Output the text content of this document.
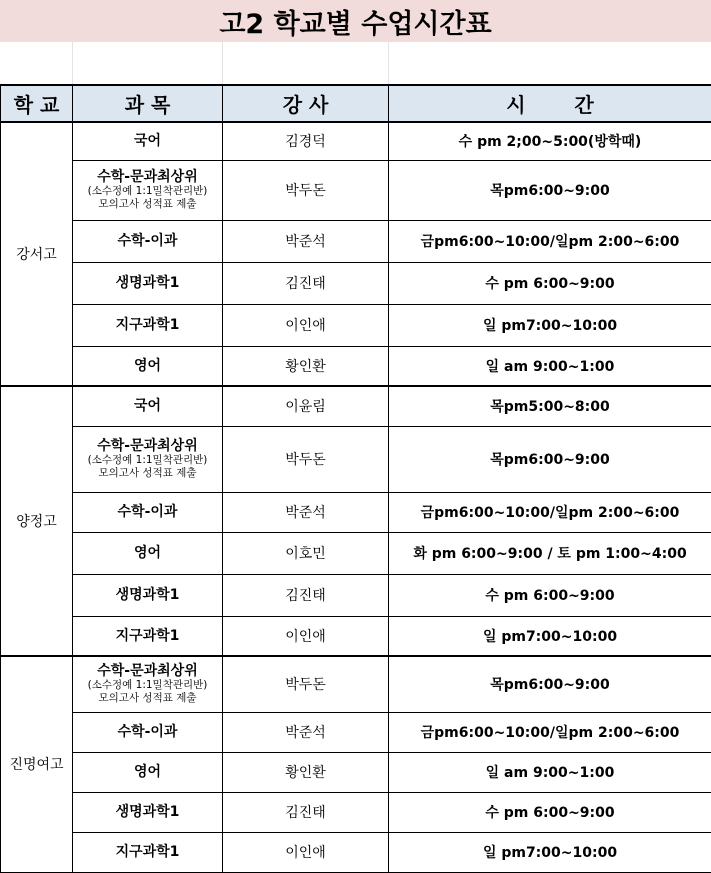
고2 학교별 수업시간표
학 교	과 목	강 사	시       간
강서고	국어	김경덕	수 pm 2;00~5:00(방학때)

	수학-문과최상위
(소수정예 1:1밀착관리반)
모의고사 성적표 제출	박두돈	목pm6:00~9:00

	수학-이과	박준석	금pm6:00~10:00/일pm 2:00~6:00

	생명과학1	김진태	수 pm 6:00~9:00

	지구과학1	이인애	일 pm7:00~10:00

	영어	황인환	일 am 9:00~1:00
양정고	국어	이윤림	목pm5:00~8:00

	수학-문과최상위
(소수정예 1:1밀착관리반)
모의고사 성적표 제출	박두돈	목pm6:00~9:00

	수학-이과	박준석	금pm6:00~10:00/일pm 2:00~6:00

	영어	이호민	화 pm 6:00~9:00 / 토 pm 1:00~4:00

	생명과학1	김진태	수 pm 6:00~9:00

	지구과학1	이인애	일 pm7:00~10:00
진명여고	수학-문과최상위
(소수정예 1:1밀착관리반)
모의고사 성적표 제출	박두돈	목pm6:00~9:00

	수학-이과	박준석	금pm6:00~10:00/일pm 2:00~6:00

	영어	황인환	일 am 9:00~1:00

	생명과학1	김진태	수 pm 6:00~9:00

	지구과학1	이인애	일 pm7:00~10:00
